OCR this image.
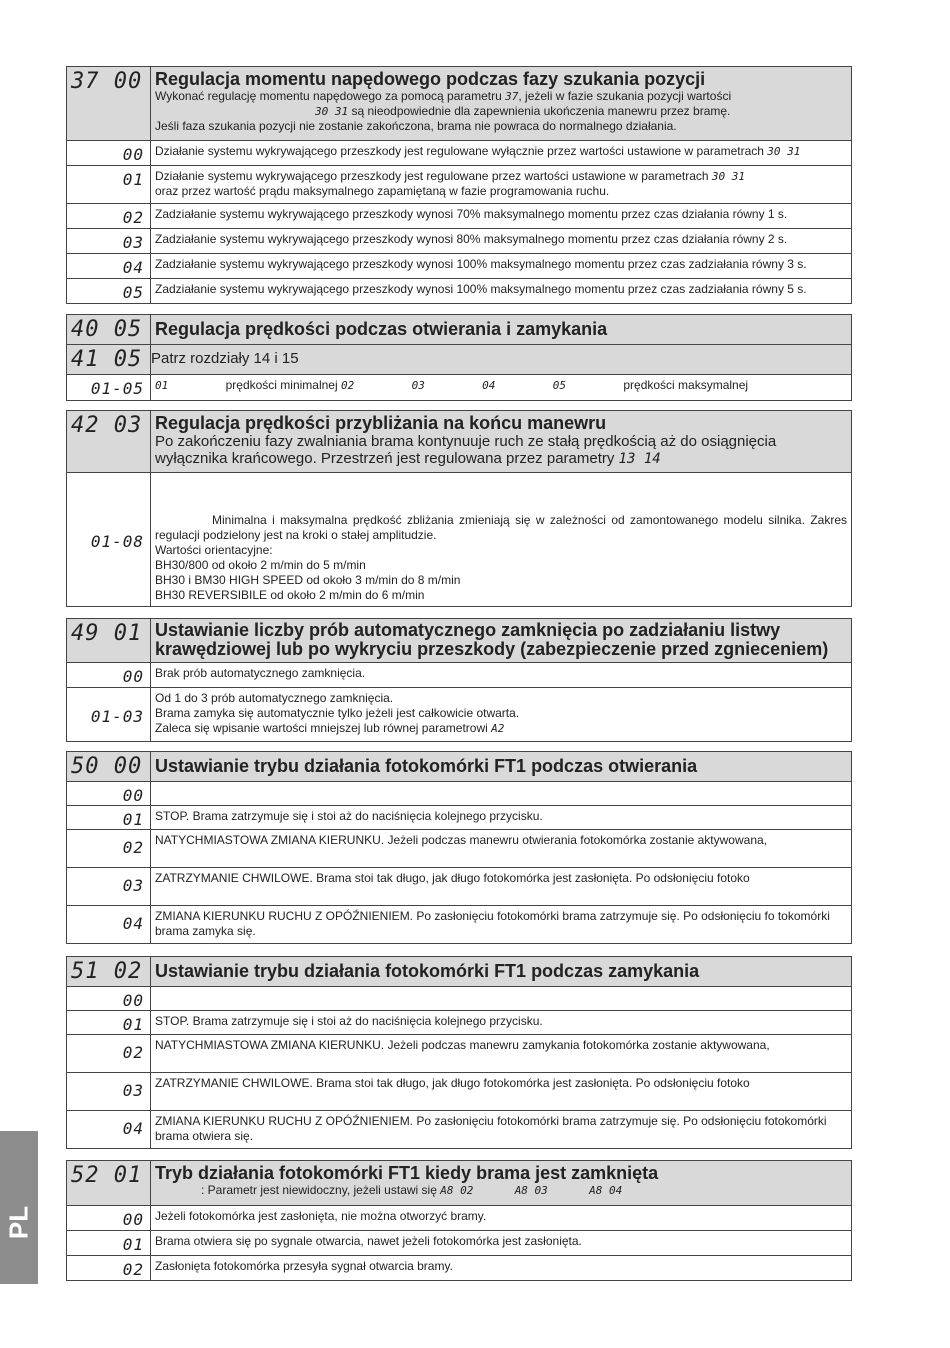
37 00	Regulacja momentu napędowego podczas fazy szukania pozycji
Wykonać regulację momentu napędowego za pomocą parametru 37, jeżeli w fazie szukania pozycji wartości
30 31 są nieodpowiednie dla zapewnienia ukończenia manewru przez bramę.
Jeśli faza szukania pozycji nie zostanie zakończona, brama nie powraca do normalnego działania.

00	Działanie systemu wykrywającego przeszkody jest regulowane wyłącznie przez wartości ustawione w parametrach 30 31
01	Działanie systemu wykrywającego przeszkody jest regulowane przez wartości ustawione w parametrach 30 31
oraz przez wartość prądu maksymalnego zapamiętaną w fazie programowania ruchu.
02	Zadziałanie systemu wykrywającego przeszkody wynosi 70% maksymalnego momentu przez czas działania równy 1 s.
03	Zadziałanie systemu wykrywającego przeszkody wynosi 80% maksymalnego momentu przez czas działania równy 2 s.
04	Zadziałanie systemu wykrywającego przeszkody wynosi 100% maksymalnego momentu przez czas zadziałania równy 3 s.
05	Zadziałanie systemu wykrywającego przeszkody wynosi 100% maksymalnego momentu przez czas zadziałania równy 5 s.
40 05	Regulacja prędkości podczas otwierania i zamykania
41 05	Patrz rozdziały 14 i 15
01-05	01 prędkości minimalnej 02 03 04 05 prędkości maksymalnej
42 03	Regulacja prędkości przybliżania na końcu manewru
Po zakończeniu fazy zwalniania brama kontynuuje ruch ze stałą prędkością aż do osiągnięcia
wyłącznika krańcowego. Przestrzeń jest regulowana przez parametry 13 14

01-08	Minimalna i maksymalna prędkość zbliżania zmieniają się w zależności od zamontowanego modelu silnika. Zakres regulacji podzielony jest na kroki o stałej amplitudzie.
Wartości orientacyjne:
BH30/800 od około 2 m/min do 5 m/min
BH30 i BM30 HIGH SPEED od około 3 m/min do 8 m/min
BH30 REVERSIBILE od około 2 m/min do 6 m/min
49 01	Ustawianie liczby prób automatycznego zamknięcia po zadziałaniu listwy krawędziowej lub po wykryciu przeszkody (zabezpieczenie przed zgnieceniem)
00	Brak prób automatycznego zamknięcia.
01-03	Od 1 do 3 prób automatycznego zamknięcia.
Brama zamyka się automatycznie tylko jeżeli jest całkowicie otwarta.
Zaleca się wpisanie wartości mniejszej lub równej parametrowi A2
50 00	Ustawianie trybu działania fotokomórki FT1 podczas otwierania
00	
01	STOP. Brama zatrzymuje się i stoi aż do naciśnięcia kolejnego przycisku.
02	NATYCHMIASTOWA ZMIANA KIERUNKU. Jeżeli podczas manewru otwierania fotokomórka zostanie aktywowana,
03	ZATRZYMANIE CHWILOWE. Brama stoi tak długo, jak długo fotokomórka jest zasłonięta. Po odsłonięciu fotoko
04	ZMIANA KIERUNKU RUCHU Z OPÓŹNIENIEM. Po zasłonięciu fotokomórki brama zatrzymuje się. Po odsłonięciu fo tokomórki brama zamyka się.
51 02	Ustawianie trybu działania fotokomórki FT1 podczas zamykania
00	
01	STOP. Brama zatrzymuje się i stoi aż do naciśnięcia kolejnego przycisku.
02	NATYCHMIASTOWA ZMIANA KIERUNKU. Jeżeli podczas manewru zamykania fotokomórka zostanie aktywowana,
03	ZATRZYMANIE CHWILOWE. Brama stoi tak długo, jak długo fotokomórka jest zasłonięta. Po odsłonięciu fotoko
04	ZMIANA KIERUNKU RUCHU Z OPÓŹNIENIEM. Po zasłonięciu fotokomórki brama zatrzymuje się. Po odsłonięciu fotokomórki brama otwiera się.
52 01	Tryb działania fotokomórki FT1 kiedy brama jest zamknięta
: Parametr jest niewidoczny, jeżeli ustawi się A8 02 A8 03 A8 04

00	Jeżeli fotokomórka jest zasłonięta, nie można otworzyć bramy.
01	Brama otwiera się po sygnale otwarcia, nawet jeżeli fotokomórka jest zasłonięta.
02	Zasłonięta fotokomórka przesyła sygnał otwarcia bramy.
PL
